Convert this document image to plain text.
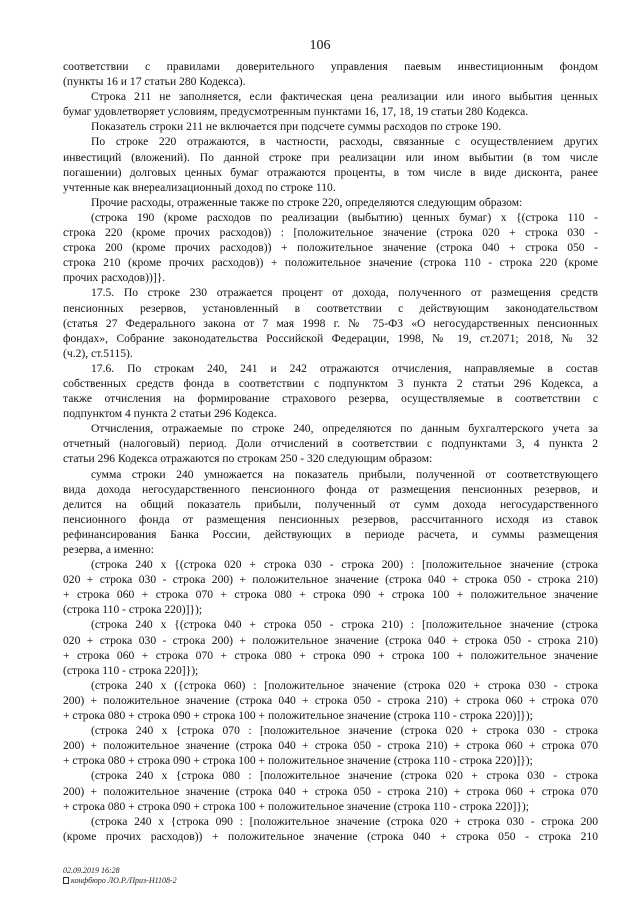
106
соответствии с правилами доверительного управления паевым инвестиционным фондом
(пункты 16 и 17 статьи 280 Кодекса).
Строка 211 не заполняется, если фактическая цена реализации или иного выбытия ценных
бумаг удовлетворяет условиям, предусмотренным пунктами 16, 17, 18, 19 статьи 280 Кодекса.
Показатель строки 211 не включается при подсчете суммы расходов по строке 190.
По строке 220 отражаются, в частности, расходы, связанные с осуществлением других
инвестиций (вложений). По данной строке при реализации или ином выбытии (в том числе
погашении) долговых ценных бумаг отражаются проценты, в том числе в виде дисконта, ранее
учтенные как внереализационный доход по строке 110.
Прочие расходы, отраженные также по строке 220, определяются следующим образом:
(строка 190 (кроме расходов по реализации (выбытию) ценных бумаг) x {(строка 110 -
строка 220 (кроме прочих расходов)) : [положительное значение (строка 020 + строка 030 -
строка 200 (кроме прочих расходов)) + положительное значение (строка 040 + строка 050 -
строка 210 (кроме прочих расходов)) + положительное значение (строка 110 - строка 220 (кроме
прочих расходов))]}.
17.5. По строке 230 отражается процент от дохода, полученного от размещения средств
пенсионных резервов, установленный в соответствии с действующим законодательством
(статья 27 Федерального закона от 7 мая 1998 г. № 75-ФЗ «О негосударственных пенсионных
фондах», Собрание законодательства Российской Федерации, 1998, № 19, ст.2071; 2018, № 32
(ч.2), ст.5115).
17.6. По строкам 240, 241 и 242 отражаются отчисления, направляемые в состав
собственных средств фонда в соответствии с подпунктом 3 пункта 2 статьи 296 Кодекса, а
также отчисления на формирование страхового резерва, осуществляемые в соответствии с
подпунктом 4 пункта 2 статьи 296 Кодекса.
Отчисления, отражаемые по строке 240, определяются по данным бухгалтерского учета за
отчетный (налоговый) период. Доли отчислений в соответствии с подпунктами 3, 4 пункта 2
статьи 296 Кодекса отражаются по строкам 250 - 320 следующим образом:
сумма строки 240 умножается на показатель прибыли, полученной от соответствующего
вида дохода негосударственного пенсионного фонда от размещения пенсионных резервов, и
делится на общий показатель прибыли, полученный от сумм дохода негосударственного
пенсионного фонда от размещения пенсионных резервов, рассчитанного исходя из ставок
рефинансирования Банка России, действующих в периоде расчета, и суммы размещения
резерва, а именно:
(строка 240 x {(строка 020 + строка 030 - строка 200) : [положительное значение (строка
020 + строка 030 - строка 200) + положительное значение (строка 040 + строка 050 - строка 210)
+ строка 060 + строка 070 + строка 080 + строка 090 + строка 100 + положительное значение
(строка 110 - строка 220)]});
(строка 240 x {(строка 040 + строка 050 - строка 210) : [положительное значение (строка
020 + строка 030 - строка 200) + положительное значение (строка 040 + строка 050 - строка 210)
+ строка 060 + строка 070 + строка 080 + строка 090 + строка 100 + положительное значение
(строка 110 - строка 220]});
(строка 240 x ({строка 060) : [положительное значение (строка 020 + строка 030 - строка
200) + положительное значение (строка 040 + строка 050 - строка 210) + строка 060 + строка 070
+ строка 080 + строка 090 + строка 100 + положительное значение (строка 110 - строка 220)]});
(строка 240 x {строка 070 : [положительное значение (строка 020 + строка 030 - строка
200) + положительное значение (строка 040 + строка 050 - строка 210) + строка 060 + строка 070
+ строка 080 + строка 090 + строка 100 + положительное значение (строка 110 - строка 220)]});
(строка 240 x {строка 080 : [положительное значение (строка 020 + строка 030 - строка
200) + положительное значение (строка 040 + строка 050 - строка 210) + строка 060 + строка 070
+ строка 080 + строка 090 + строка 100 + положительное значение (строка 110 - строка 220]});
(строка 240 x {строка 090 : [положительное значение (строка 020 + строка 030 - строка 200
(кроме прочих расходов)) + положительное значение (строка 040 + строка 050 - строка 210
02.09.2019 16:28
конфбюро ЛО.Р./Приз-Н1108-2
